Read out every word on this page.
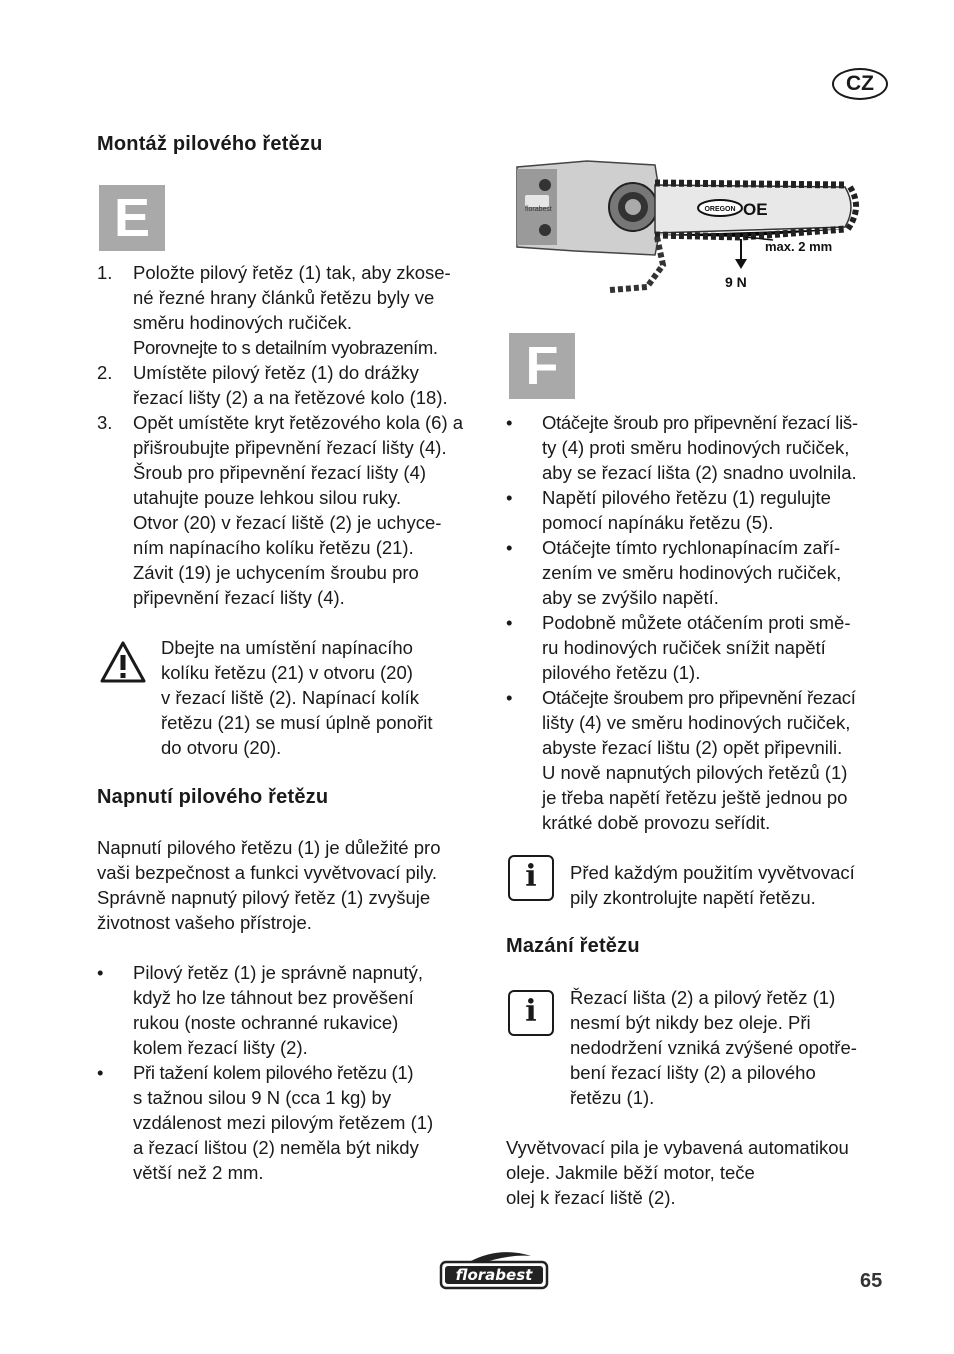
CZ
Montáž pilového řetězu
E
1. Položte pilový řetěz (1) tak, aby zkose-

né řezné hrany článků řetězu byly ve

směru hodinových ručiček.

Porovnejte to s detailním vyobrazením.

2. Umístěte pilový řetěz (1) do drážky

řezací lišty (2) a na řetězové kolo (18).

3. Opět umístěte kryt řetězového kola (6) a

přišroubujte připevnění řezací lišty (4).

Šroub pro připevnění řezací lišty (4)

utahujte pouze lehkou silou ruky.

Otvor (20) v řezací liště (2) je uchyce-

ním napínacího kolíku řetězu (21).

Závit (19) je uchycením šroubu pro

připevnění řezací lišty (4).

Dbejte na umístění napínacího

kolíku řetězu (21) v otvoru (20)

v řezací liště (2). Napínací kolík

řetězu (21) se musí úplně ponořit

do otvoru (20).

Napnutí pilového řetězu

Napnutí pilového řetězu (1) je důležité pro

vaši bezpečnost a funkci vyvětvovací pily.

Správně napnutý pilový řetěz (1) zvyšuje

životnost vašeho přístroje.

•	Pilový řetěz (1) je správně napnutý,

když ho lze táhnout bez prověšení

rukou (noste ochranné rukavice)

kolem řezací lišty (2).

•	Při tažení kolem pilového řetězu (1)

s tažnou silou 9 N (cca 1 kg) by

vzdálenost mezi pilovým řetězem (1)

a řezací lištou (2) neměla být nikdy

větší než 2 mm.

florabest	OREGON OE
max. 2 mm
9 N
F
•	Otáčejte šroub pro připevnění řezací liš-

ty (4) proti směru hodinových ručiček,

aby se řezací lišta (2) snadno uvolnila.

•	Napětí pilového řetězu (1) regulujte

pomocí napínáku řetězu (5).

•	Otáčejte tímto rychlonapínacím zaří-

zením ve směru hodinových ručiček,

aby se zvýšilo napětí.

•	Podobně můžete otáčením proti smě-

ru hodinových ručiček snížit napětí

pilového řetězu (1).

•	Otáčejte šroubem pro připevnění řezací

lišty (4) ve směru hodinových ručiček,

abyste řezací lištu (2) opět připevnili.

U nově napnutých pilových řetězů (1)

je třeba napětí řetězu ještě jednou po

krátké době provozu seřídit.

i	Před každým použitím vyvětvovací

pily zkontrolujte napětí řetězu.

Mazání řetězu
i	Řezací lišta (2) a pilový řetěz (1)

nesmí být nikdy bez oleje. Při

nedodržení vzniká zvýšené opotře-

bení řezací lišty (2) a pilového

řetězu (1).

Vyvětvovací pila je vybavená automatikou

oleje. Jakmile běží motor, teče

olej k řezací liště (2).

florabest	65
